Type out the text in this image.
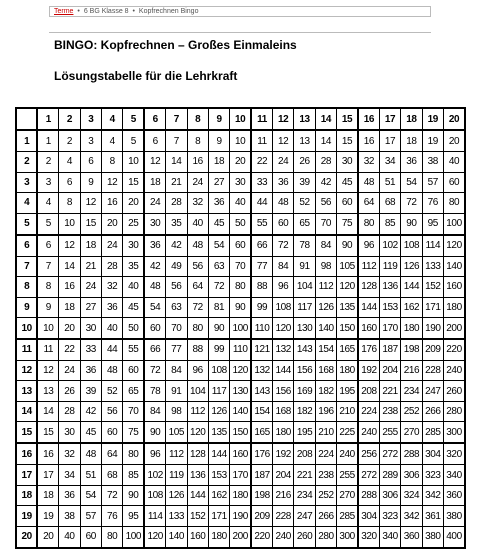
Terme • 6 BG Klasse 8 • Kopfrechnen Bingo
BINGO: Kopfrechnen – Großes Einmaleins
Lösungstabelle für die Lehrkraft
	1	2	3	4	5	6	7	8	9	10	11	12	13	14	15	16	17	18	19	20
1	1	2	3	4	5	6	7	8	9	10	11	12	13	14	15	16	17	18	19	20
2	2	4	6	8	10	12	14	16	18	20	22	24	26	28	30	32	34	36	38	40
3	3	6	9	12	15	18	21	24	27	30	33	36	39	42	45	48	51	54	57	60
4	4	8	12	16	20	24	28	32	36	40	44	48	52	56	60	64	68	72	76	80
5	5	10	15	20	25	30	35	40	45	50	55	60	65	70	75	80	85	90	95	100
6	6	12	18	24	30	36	42	48	54	60	66	72	78	84	90	96	102	108	114	120
7	7	14	21	28	35	42	49	56	63	70	77	84	91	98	105	112	119	126	133	140
8	8	16	24	32	40	48	56	64	72	80	88	96	104	112	120	128	136	144	152	160
9	9	18	27	36	45	54	63	72	81	90	99	108	117	126	135	144	153	162	171	180
10	10	20	30	40	50	60	70	80	90	100	110	120	130	140	150	160	170	180	190	200
11	11	22	33	44	55	66	77	88	99	110	121	132	143	154	165	176	187	198	209	220
12	12	24	36	48	60	72	84	96	108	120	132	144	156	168	180	192	204	216	228	240
13	13	26	39	52	65	78	91	104	117	130	143	156	169	182	195	208	221	234	247	260
14	14	28	42	56	70	84	98	112	126	140	154	168	182	196	210	224	238	252	266	280
15	15	30	45	60	75	90	105	120	135	150	165	180	195	210	225	240	255	270	285	300
16	16	32	48	64	80	96	112	128	144	160	176	192	208	224	240	256	272	288	304	320
17	17	34	51	68	85	102	119	136	153	170	187	204	221	238	255	272	289	306	323	340
18	18	36	54	72	90	108	126	144	162	180	198	216	234	252	270	288	306	324	342	360
19	19	38	57	76	95	114	133	152	171	190	209	228	247	266	285	304	323	342	361	380
20	20	40	60	80	100	120	140	160	180	200	220	240	260	280	300	320	340	360	380	400
